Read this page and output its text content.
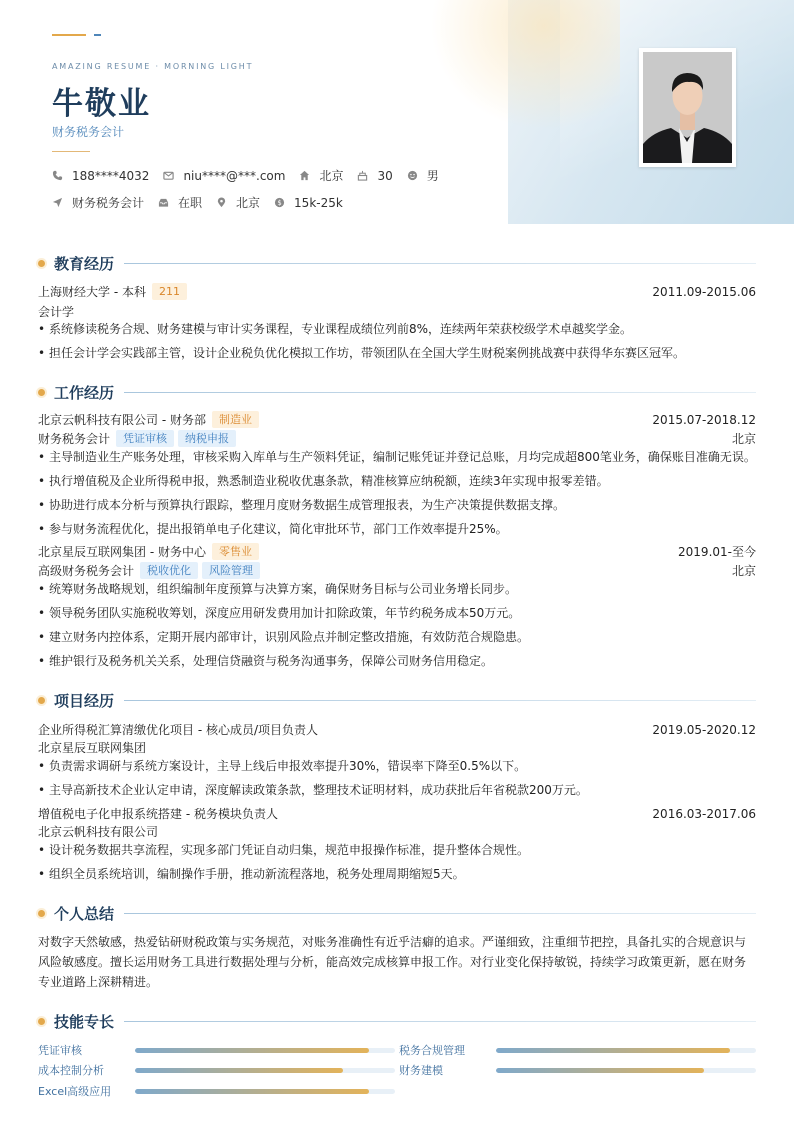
AMAZING RESUME · MORNING LIGHT
牛敬业
财务税务会计
188****4032	niu****@***.com	北京	30	男
财务税务会计	在职	北京 $ 15k-25k
教育经历
上海财经大学 - 本科	211	2011.09-2015.06
会计学
• 系统修读税务合规、财务建模与审计实务课程，专业课程成绩位列前8%，连续两年荣获校级学术卓越奖学金。
• 担任会计学会实践部主管，设计企业税负优化模拟工作坊，带领团队在全国大学生财税案例挑战赛中获得华东赛区冠军。
工作经历
北京云帆科技有限公司 - 财务部	制造业	2015.07-2018.12
财务税务会计	凭证审核	纳税申报	北京
• 主导制造业生产账务处理，审核采购入库单与生产领料凭证，编制记账凭证并登记总账，月均完成超800笔业务，确保账目准确无误。
• 执行增值税及企业所得税申报，熟悉制造业税收优惠条款，精准核算应纳税额，连续3年实现申报零差错。
• 协助进行成本分析与预算执行跟踪，整理月度财务数据生成管理报表，为生产决策提供数据支撑。
• 参与财务流程优化，提出报销单电子化建议，简化审批环节，部门工作效率提升25%。
北京星辰互联网集团 - 财务中心	零售业	2019.01-至今
高级财务税务会计	税收优化	风险管理	北京
• 统筹财务战略规划，组织编制年度预算与决算方案，确保财务目标与公司业务增长同步。
• 领导税务团队实施税收筹划，深度应用研发费用加计扣除政策，年节约税务成本50万元。
• 建立财务内控体系，定期开展内部审计，识别风险点并制定整改措施，有效防范合规隐患。
• 维护银行及税务机关关系，处理信贷融资与税务沟通事务，保障公司财务信用稳定。
项目经历
企业所得税汇算清缴优化项目 - 核心成员/项目负责人	2019.05-2020.12
北京星辰互联网集团
• 负责需求调研与系统方案设计，主导上线后申报效率提升30%，错误率下降至0.5%以下。
• 主导高新技术企业认定申请，深度解读政策条款，整理技术证明材料，成功获批后年省税款200万元。
增值税电子化申报系统搭建 - 税务模块负责人	2016.03-2017.06
北京云帆科技有限公司
• 设计税务数据共享流程，实现多部门凭证自动归集，规范申报操作标准，提升整体合规性。
• 组织全员系统培训，编制操作手册，推动新流程落地，税务处理周期缩短5天。
个人总结
对数字天然敏感，热爱钻研财税政策与实务规范，对账务准确性有近乎洁癖的追求。严谨细致，注重细节把控，具备扎实的合规意识与风险敏感度。擅长运用财务工具进行数据处理与分析，能高效完成核算申报工作。对行业变化保持敏锐，持续学习政策更新，愿在财务专业道路上深耕精进。
技能专长
凭证审核	税务合规管理
成本控制分析	财务建模
Excel高级应用
